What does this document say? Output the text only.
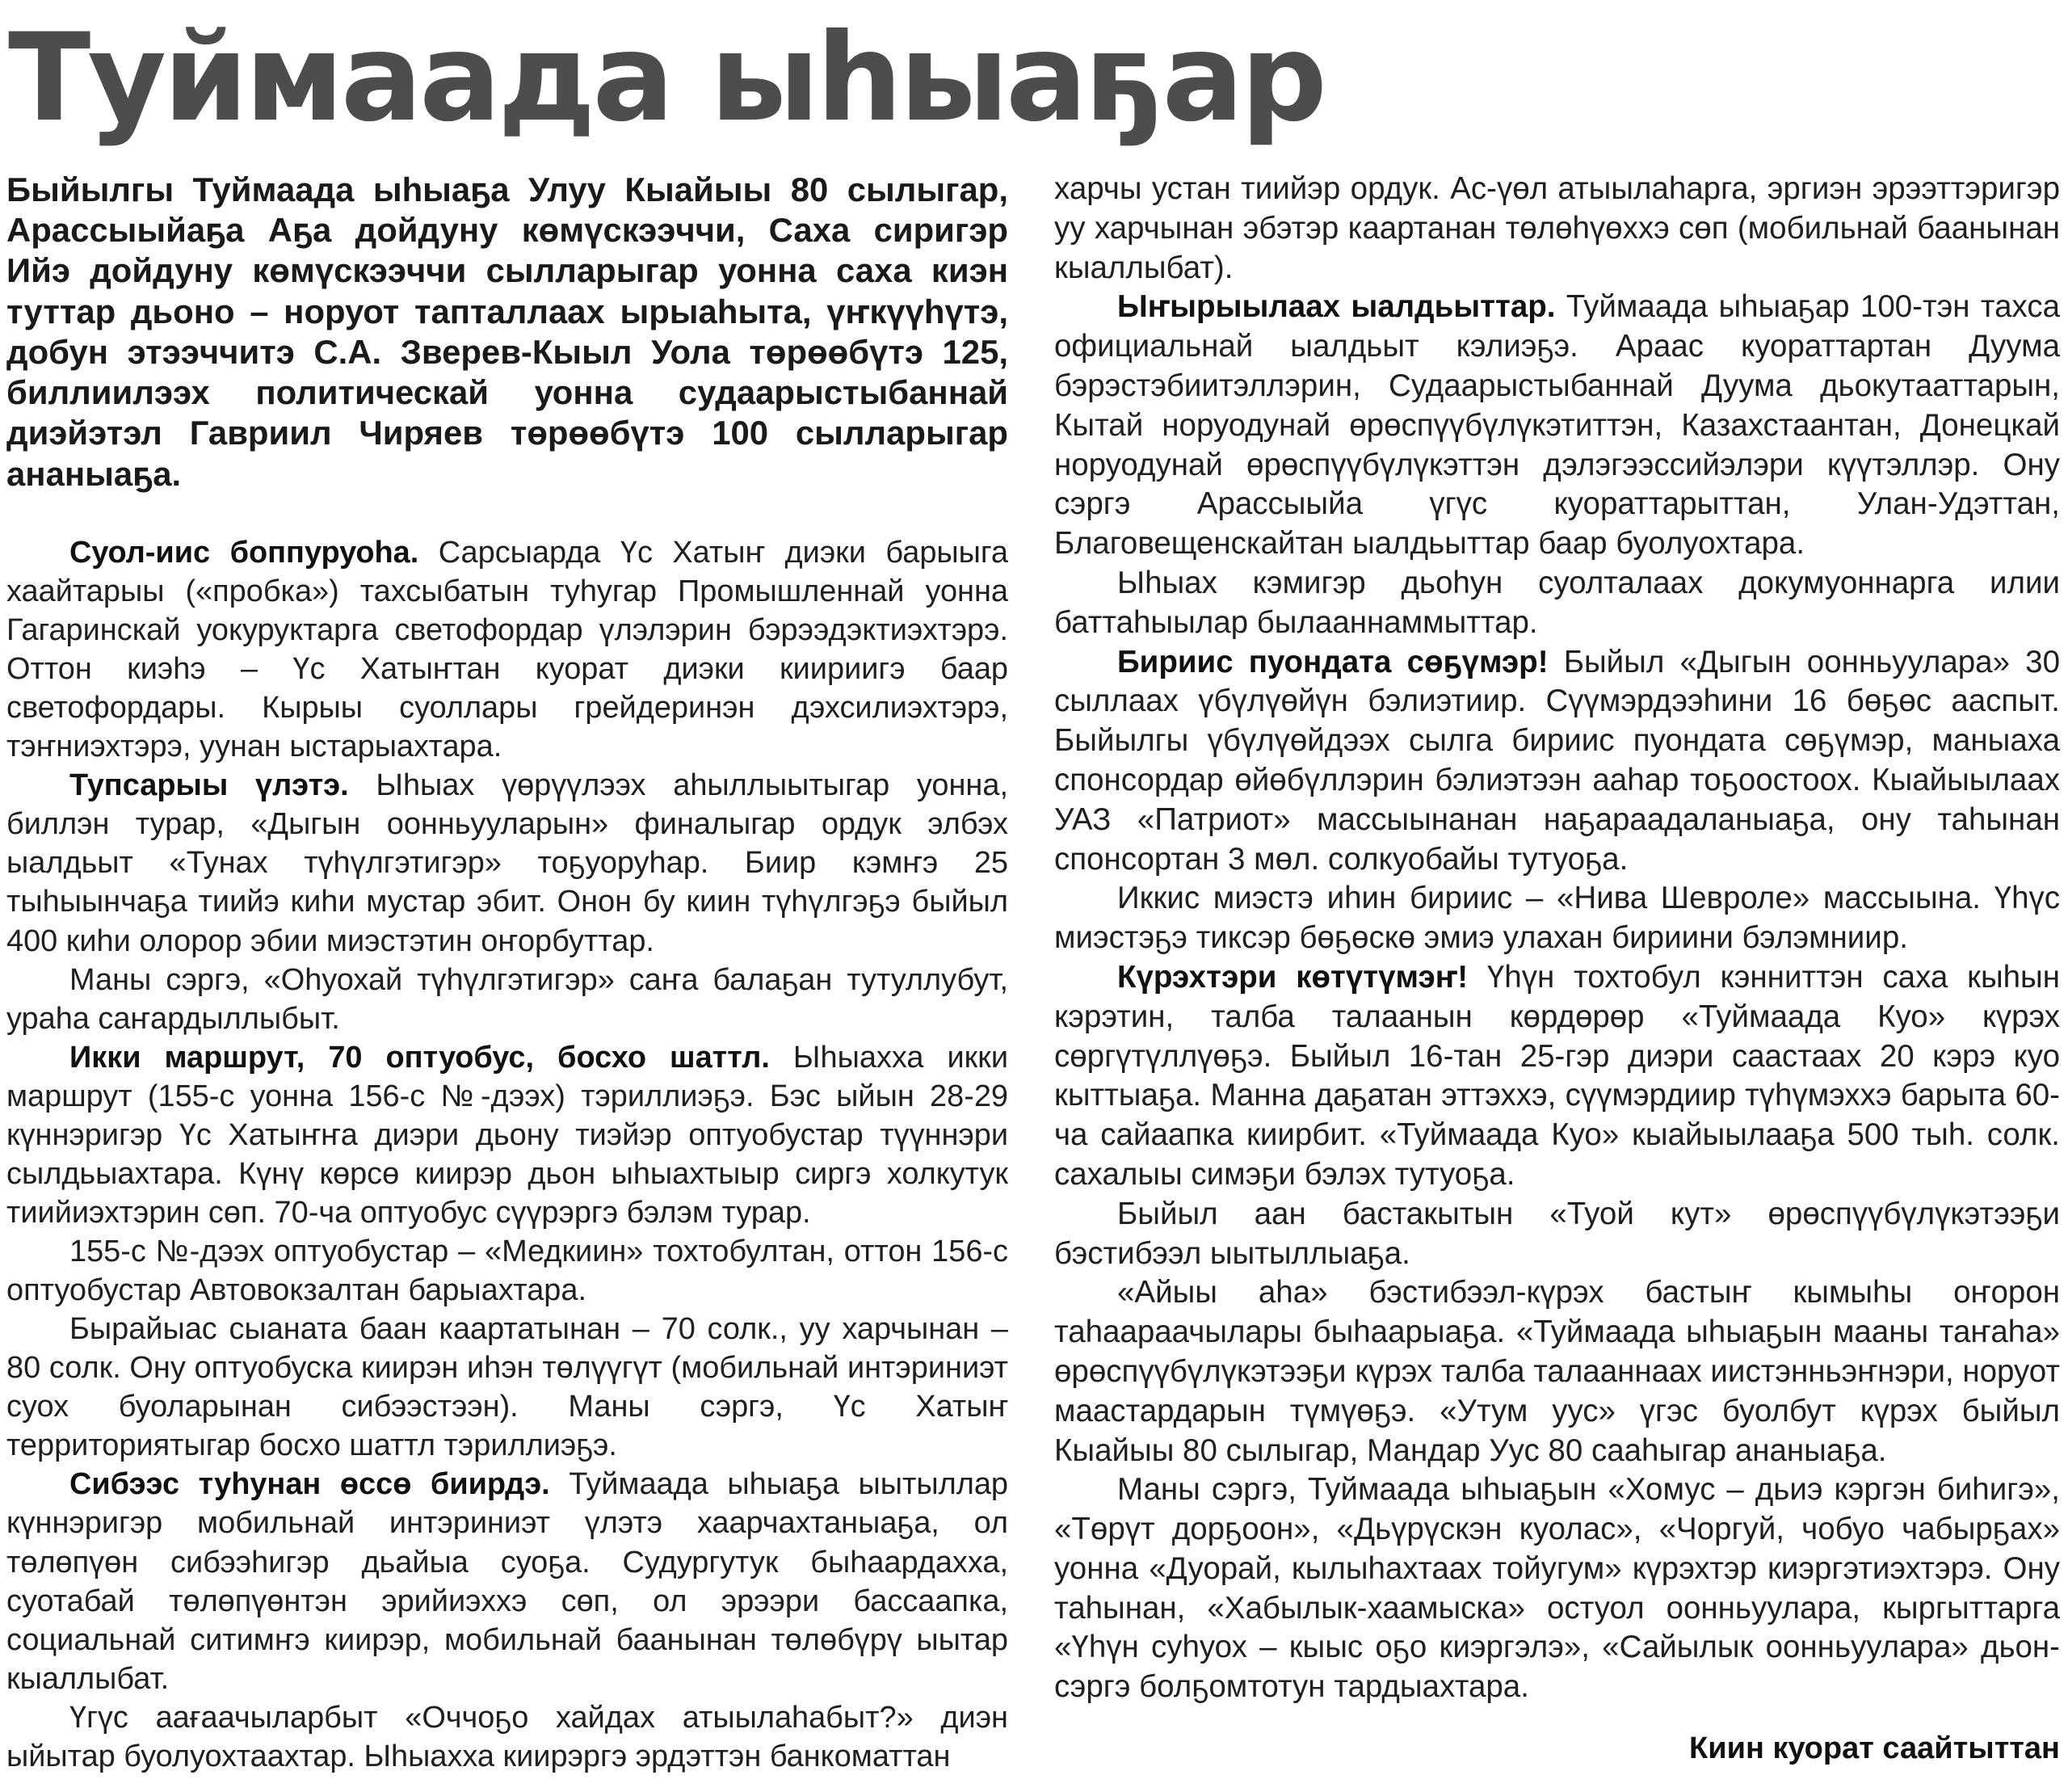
Туймаада ыһыаҕар

Быйылгы Туймаада ыһыаҕа Улуу Кыайыы 80 сылыгар, Арассыыйаҕа Аҕа дойдуну көмүскээччи, Саха сиригэр Ийэ дойдуну көмүскээччи сылларыгар уонна саха киэн туттар дьоно – норуот тапталлаах ырыаһыта, үҥкүүһүтэ, добун этээччитэ С.А. Зверев-Кыыл Уола төрөөбүтэ 125, биллиилээх политическай уонна судаарыстыбаннай диэйэтэл Гавриил Чиряев төрөөбүтэ 100 сылларыгар ананыаҕа.

Суол-иис боппуруоһа. Сарсыарда Үс Хатыҥ диэки барыыга хаайтарыы («пробка») тахсыбатын туһугар Промышленнай уонна Гагаринскай уокуруктарга светофордар үлэлэрин бэрээдэктиэхтэрэ. Оттон киэһэ – Үс Хатыҥтан куорат диэки киириигэ баар светофордары. Кырыы суоллары грейдеринэн дэхсилиэхтэрэ, тэҥниэхтэрэ, уунан ыстарыахтара.

Тупсарыы үлэтэ. Ыһыах үөрүүлээх аһыллыытыгар уонна, биллэн турар, «Дыгын оонньууларын» финалыгар ордук элбэх ыалдьыт «Тунах түһүлгэтигэр» тоҕуоруһар. Биир кэмҥэ 25 тыһыынчаҕа тиийэ киһи мустар эбит. Онон бу киин түһүлгэҕэ быйыл 400 киһи олорор эбии миэстэтин оҥорбуттар.

Маны сэргэ, «Оһуохай түһүлгэтигэр» саҥа балаҕан тутуллубут, ураһа саҥардыллыбыт.

Икки маршрут, 70 оптуобус, босхо шаттл. Ыһыахха икки маршрут (155-с уонна 156-с №-дээх) тэриллиэҕэ. Бэс ыйын 28-29 күннэригэр Үс Хатыҥҥа диэри дьону тиэйэр оптуобустар түүннэри сылдьыахтара. Күнү көрсө киирэр дьон ыһыахтыыр сиргэ холкутук тиийиэхтэрин сөп. 70-ча оптуобус сүүрэргэ бэлэм турар.

155-с №-дээх оптуобустар – «Медкиин» тохтобултан, оттон 156-с оптуобустар Автовокзалтан барыахтара.

Бырайыас сыаната баан каартатынан – 70 солк., уу харчынан – 80 солк. Ону оптуобуска киирэн иһэн төлүүгүт (мобильнай интэриниэт суох буоларынан сибээстээн). Маны сэргэ, Үс Хатыҥ территориятыгар босхо шаттл тэриллиэҕэ.

Сибээс туһунан өссө биирдэ. Туймаада ыһыаҕа ыытыллар күннэригэр мобильнай интэриниэт үлэтэ хаарчахтаныаҕа, ол төлөпүөн сибээһигэр дьайыа суоҕа. Судургутук быһаардахха, суотабай төлөпүөнтэн эрийиэххэ сөп, ол эрээри бассаапка, социальнай ситимҥэ киирэр, мобильнай баанынан төлөбүрү ыытар кыаллыбат.

Үгүс аағаачыларбыт «Оччоҕо хайдах атыылаһабыт?» диэн ыйытар буолуохтаахтар. Ыһыахха киирэргэ эрдэттэн банкоматтан

харчы устан тиийэр ордук. Ас-үөл атыылаһарга, эргиэн эрээттэригэр уу харчынан эбэтэр каартанан төлөһүөххэ сөп (мобильнай баанынан кыаллыбат).

Ыҥырыылаах ыалдьыттар. Туймаада ыһыаҕар 100-тэн тахса официальнай ыалдьыт кэлиэҕэ. Араас куораттартан Дуума бэрэстэбиитэллэрин, Судаарыстыбаннай Дуума дьокутааттарын, Кытай норуодунай өрөспүүбүлүкэтиттэн, Казахстаантан, Донецкай норуодунай өрөспүүбүлүкэттэн дэлэгээссийэлэри күүтэллэр. Ону сэргэ Арассыыйа үгүс куораттарыттан, Улан-Удэттан, Благовещенскайтан ыалдьыттар баар буолуохтара.

Ыһыах кэмигэр дьоһун суолталаах докумуоннарга илии баттаһыылар былааннаммыттар.

Бириис пуондата сөҕүмэр! Быйыл «Дыгын оонньуулара» 30 сыллаах үбүлүөйүн бэлиэтиир. Сүүмэрдээһини 16 бөҕөс ааспыт. Быйылгы үбүлүөйдээх сылга бириис пуондата сөҕүмэр, маныаха спонсордар өйөбүллэрин бэлиэтээн ааһар тоҕоостоох. Кыайыылаах УАЗ «Патриот» массыынанан наҕараадаланыаҕа, ону таһынан спонсортан 3 мөл. солкуобайы тутуоҕа.

Иккис миэстэ иһин бириис – «Нива Шевроле» массыына. Үһүс миэстэҕэ тиксэр бөҕөскө эмиэ улахан бириини бэлэмниир.

Күрэхтэри көтүтүмэҥ! Үһүн тохтобул кэнниттэн саха кыһын кэрэтин, талба талаанын көрдөрөр «Туймаада Куо» күрэх сөргүтүллүөҕэ. Быйыл 16-тан 25-гэр диэри саастаах 20 кэрэ куо кыттыаҕа. Манна даҕатан эттэххэ, сүүмэрдиир түһүмэххэ барыта 60-ча сайаапка киирбит. «Туймаада Куо» кыайыылааҕа 500 тыһ. солк. сахалыы симэҕи бэлэх тутуоҕа.

Быйыл аан бастакытын «Туой кут» өрөспүүбүлүкэтээҕи бэстибээл ыытыллыаҕа.

«Айыы аһа» бэстибээл-күрэх бастыҥ кымыһы оҥорон таһаараачылары быһаарыаҕа. «Туймаада ыһыаҕын мааны таҥаһа» өрөспүүбүлүкэтээҕи күрэх талба талааннаах иистэнньэҥнэри, норуот маастардарын түмүөҕэ. «Утум уус» үгэс буолбут күрэх быйыл Кыайыы 80 сылыгар, Мандар Уус 80 сааһыгар ананыаҕа.

Маны сэргэ, Туймаада ыһыаҕын «Хомус – дьиэ кэргэн биһигэ», «Төрүт дорҕоон», «Дьүрүскэн куолас», «Чоргуй, чобуо чабырҕах» уонна «Дуорай, кылыһахтаах тойугум» күрэхтэр киэргэтиэхтэрэ. Ону таһынан, «Хабылык-хаамыска» остуол оонньуулара, кыргыттарга «Үһүн суһуох – кыыс оҕо киэргэлэ», «Сайылык оонньуулара» дьон-сэргэ болҕомтотун тардыахтара.

Киин куорат саайтыттан
